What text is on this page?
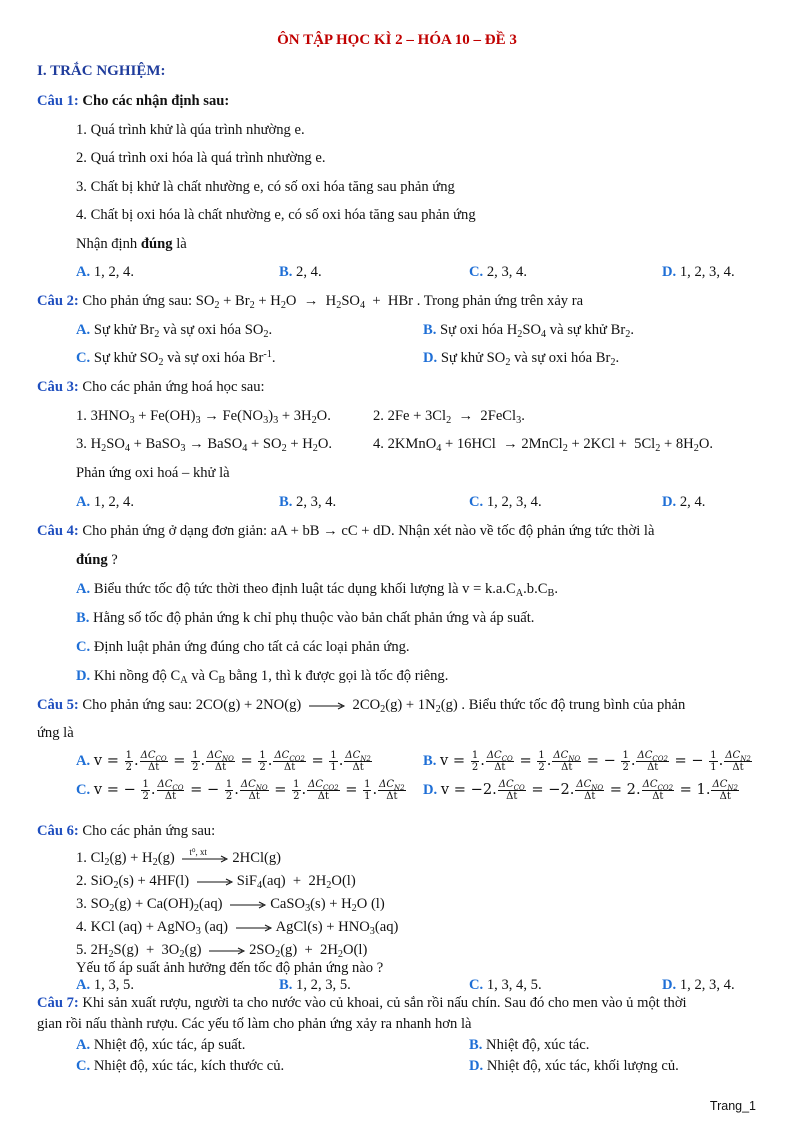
ÔN TẬP HỌC KÌ 2 – HÓA 10 – ĐỀ 3
I. TRẮC NGHIỆM:
Câu 1: Cho các nhận định sau:
1. Quá trình khử là qúa trình nhường e.
2. Quá trình oxi hóa là quá trình nhường e.
3. Chất bị khử là chất nhường e, có số oxi hóa tăng sau phản ứng
4. Chất bị oxi hóa là chất nhường e, có số oxi hóa tăng sau phản ứng
Nhận định đúng là
A. 1, 2, 4.	B. 2, 4.	C. 2, 3, 4.	D. 1, 2, 3, 4.
Câu 2: Cho phản ứng sau: $SO_2 + Br_2 + H_2O \to H_2SO_4$  +  HBr . Trong phản ứng trên xảy ra
A. Sự khử $Br_2$ và sự oxi hóa $SO_2$.	B. Sự oxi hóa $H_2SO_4$ và sự khử $Br_2$.
C. Sự khử $SO_2$ và sự oxi hóa $Br^{-1}$.	D. Sự khử $SO_2$ và sự oxi hóa $Br_2$.
Câu 3: Cho các phản ứng hoá học sau:
1. $3HNO_3 + Fe(OH)_3 \to Fe(NO_3)_3 + 3H_2O$.	2. $2Fe + 3Cl_2$  →  2FeCl$_3$.
3. $H_2SO_4$ + BaSO$_3$ → BaSO$_4$ + $SO_2 + H_2O$.	4. 2KMnO$_4$ + 16HCl  → 2MnCl$_2$ + $2KCl + 5Cl_2 + 8H_2O$.
Phản ứng oxi hoá – khử là
A. 1, 2, 4.	B. 2, 3, 4.	C. 1, 2, 3, 4.	D. 2, 4.
Câu 4: Cho phản ứng ở dạng đơn giản: aA + bB → cC + dD. Nhận xét nào về tốc độ phản ứng tức thời là
đúng ?
A. Biểu thức tốc độ tức thời theo định luật tác dụng khối lượng là $v = k.a.C_A.b.C_B$.
B. Hằng số tốc độ phản ứng k chỉ phụ thuộc vào bản chất phản ứng và áp suất.
C. Định luật phản ứng đúng cho tất cả các loại phản ứng.
D. Khi nồng độ $C_A$ và $C_B$ bằng 1, thì k được gọi là tốc độ riêng.
Câu 5: Cho phản ứng sau: 2CO(g) + 2NO(g)	$2CO_2(g) + 1N_2(g)$ . Biểu thức tốc độ trung bình của phản
ứng là
A. $v = \frac{1}{2}$ . $\frac{\Delta C_{CO}}{\Delta t} = \frac{1}{2}$ . $\frac{\Delta C_{NO}}{\Delta t} = \frac{1}{2}$ . $\frac{\Delta C_{CO2}}{\Delta t} = \frac{1}{1}$ . $\frac{\Delta C_{N2}}{\Delta t}$	B. $v = \frac{1}{2}$ . $\frac{\Delta C_{CO}}{\Delta t} = \frac{1}{2}$ . $\frac{\Delta C_{NO}}{\Delta t}$ = − $\frac{1}{2}$ . $\frac{\Delta C_{CO2}}{\Delta t}$ = − $\frac{1}{1}$ . $\frac{\Delta C_{N2}}{\Delta t}$
C. v = − $\frac{1}{2}$ . $\frac{\Delta C_{CO}}{\Delta t}$ = − $\frac{1}{2}$ . $\frac{\Delta C_{NO}}{\Delta t} = \frac{1}{2}$ . $\frac{\Delta C_{CO2}}{\Delta t} = \frac{1}{1}$ . $\frac{\Delta C_{N2}}{\Delta t} D$. v = −2. $\frac{\Delta C_{CO}}{\Delta t} = -2$. $\frac{\Delta C_{NO}}{\Delta t} = 2$. $\frac{\Delta C_{CO2}}{\Delta t} = 1$. $\frac{\Delta C_{N2}}{\Delta t}$
Câu 6: Cho các phản ứng sau:
1. $Cl_2(g) + H_2(g)$ t⁰, xt 2HCl(g)
2. SiO$_2$(s) + 4HF(l)	$SiF_4(aq) + 2H_2O(l)$
3. $SO_2(g) + Ca(OH)_2(aq)$	CaSO$_3$(s) + $H_2O$ (l)
4. KCl (aq) + AgNO$_3$ (aq)	AgCl(s) + $HNO_3(aq)$
5. $2H_2S(g) + 3O_2(g)$	$2SO_2(g) + 2H_2O(l)$
Yếu tố áp suất ảnh hưởng đến tốc độ phản ứng nào ?
A. 1, 3, 5.	B. 1, 2, 3, 5.	C. 1, 3, 4, 5.	D. 1, 2, 3, 4.
Câu 7: Khi sản xuất rượu, người ta cho nước vào củ khoai, củ sắn rồi nấu chín. Sau đó cho men vào ủ một thời
gian rồi nấu thành rượu. Các yếu tố làm cho phản ứng xảy ra nhanh hơn là
A. Nhiệt độ, xúc tác, áp suất.	B. Nhiệt độ, xúc tác.
C. Nhiệt độ, xúc tác, kích thước củ.	D. Nhiệt độ, xúc tác, khối lượng củ.
Trang_1
